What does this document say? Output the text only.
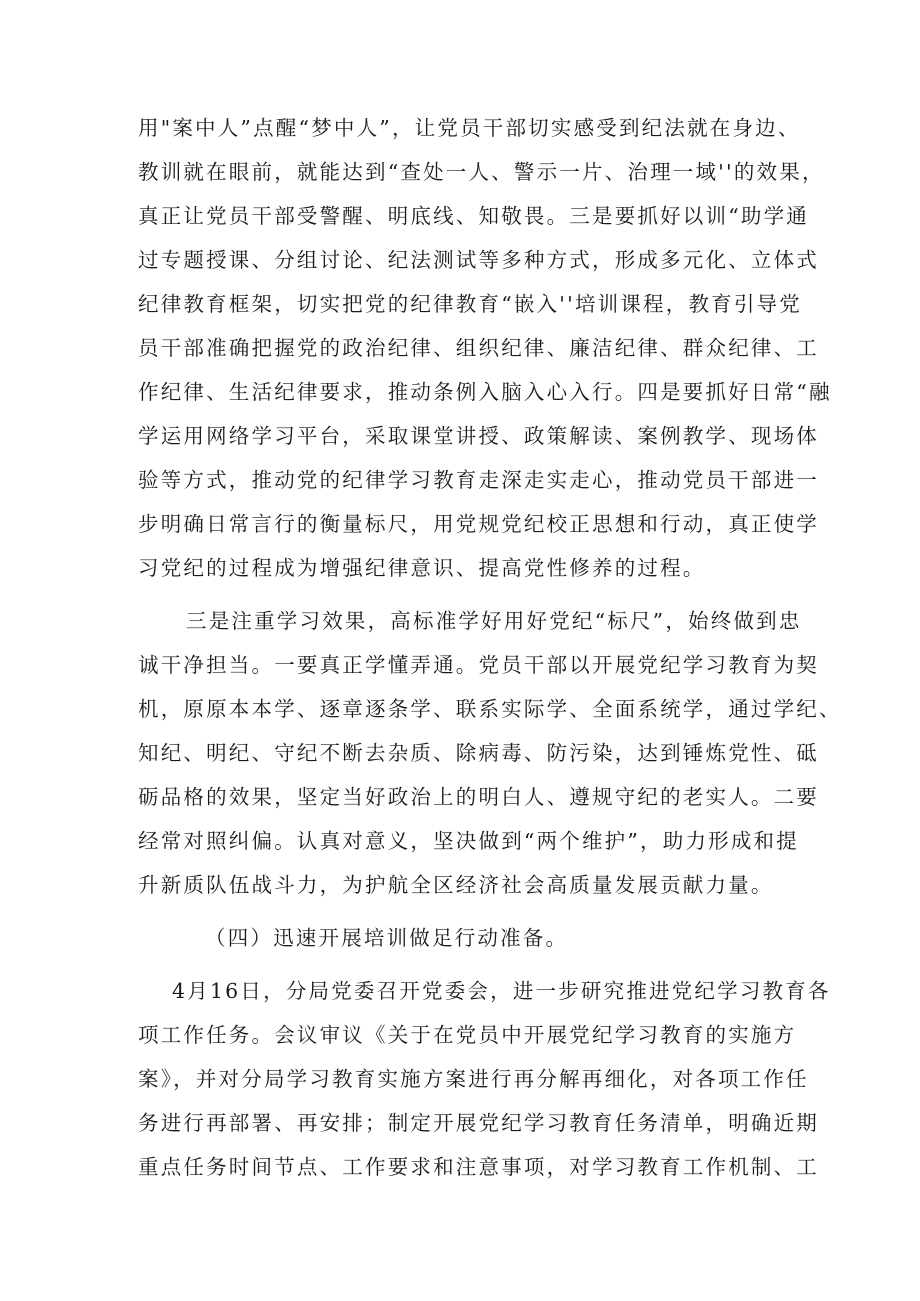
用"案中人”点醒“梦中人”，让党员干部切实感受到纪法就在身边、
教训就在眼前，就能达到“查处一人、警示一片、治理一域''的效果，
真正让党员干部受警醒、明底线、知敬畏。三是要抓好以训“助学通
过专题授课、分组讨论、纪法测试等多种方式，形成多元化、立体式
纪律教育框架，切实把党的纪律教育“嵌入''培训课程，教育引导党
员干部准确把握党的政治纪律、组织纪律、廉洁纪律、群众纪律、工
作纪律、生活纪律要求，推动条例入脑入心入行。四是要抓好日常“融
学运用网络学习平台，采取课堂讲授、政策解读、案例教学、现场体
验等方式，推动党的纪律学习教育走深走实走心，推动党员干部进一
步明确日常言行的衡量标尺，用党规党纪校正思想和行动，真正使学
习党纪的过程成为增强纪律意识、提高党性修养的过程。
三是注重学习效果，高标准学好用好党纪“标尺”，始终做到忠
诚干净担当。一要真正学懂弄通。党员干部以开展党纪学习教育为契
机，原原本本学、逐章逐条学、联系实际学、全面系统学，通过学纪、
知纪、明纪、守纪不断去杂质、除病毒、防污染，达到锤炼党性、砥
砺品格的效果，坚定当好政治上的明白人、遵规守纪的老实人。二要
经常对照纠偏。认真对意义，坚决做到“两个维护”，助力形成和提
升新质队伍战斗力，为护航全区经济社会高质量发展贡献力量。
（四）迅速开展培训做足行动准备。
4月16日，分局党委召开党委会，进一步研究推进党纪学习教育各
项工作任务。会议审议《关于在党员中开展党纪学习教育的实施方
案》，并对分局学习教育实施方案进行再分解再细化，对各项工作任
务进行再部署、再安排；制定开展党纪学习教育任务清单，明确近期
重点任务时间节点、工作要求和注意事项，对学习教育工作机制、工
